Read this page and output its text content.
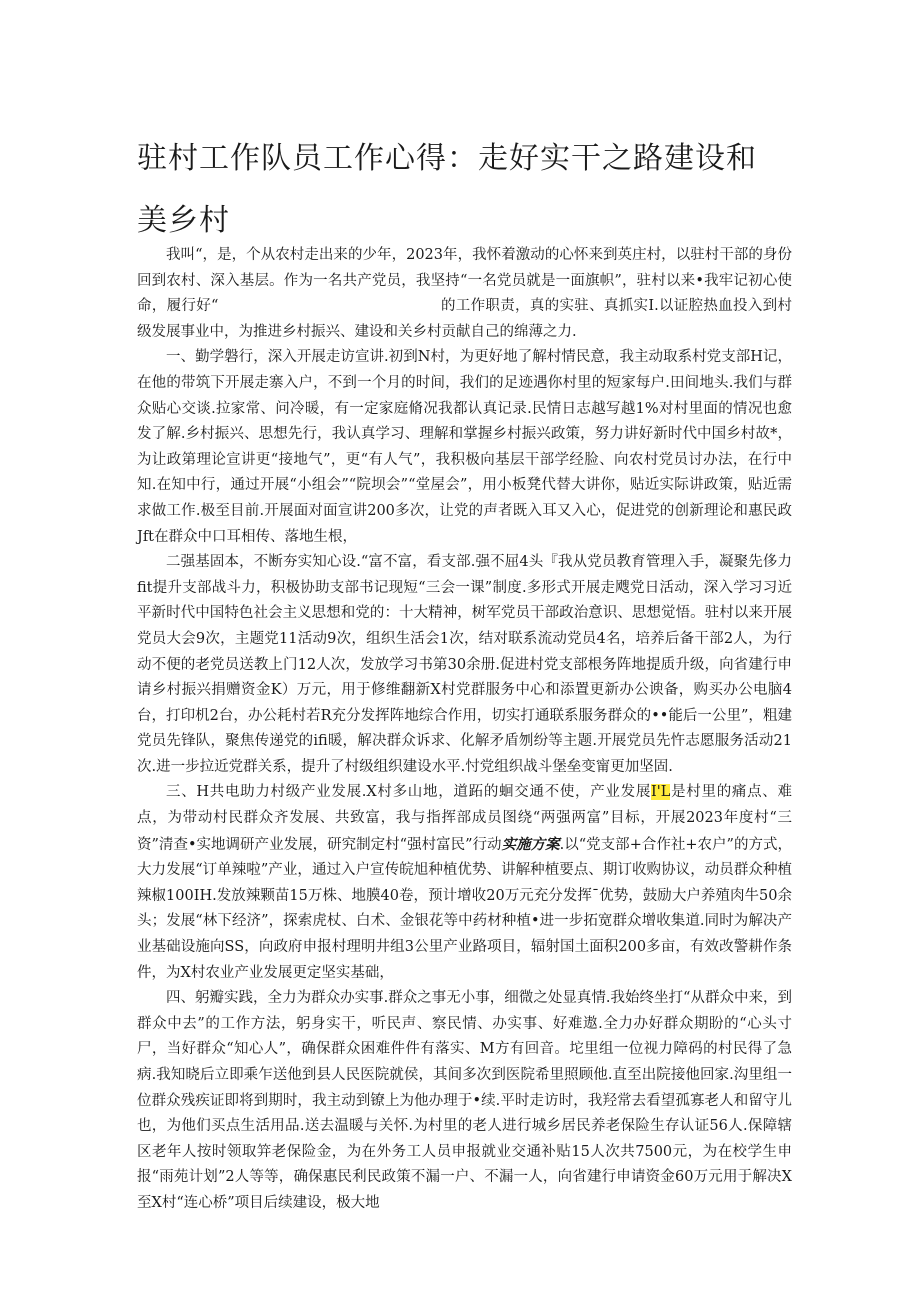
驻村工作队员工作心得：走好实干之路建设和美乡村

我叫“，是，个从农村走出来的少年，2023年，我怀着激动的心怀来到英庄村，以驻村干部的身份回到农村、深入基层。作为一名共产党员，我坚持“一名党员就是一面旗帜”，驻村以来•我牢记初心使命，履行好“　　　　　　　　　　　　　　　的工作职责，真的实驻、真抓实I.以证腔热血投入到村级发展事业中，为推进乡村振兴、建设和关乡村贡献自己的绵薄之力.

一、勤学磐行，深入开展走访宣讲.初到N村，为更好地了解村情民意，我主动取系村党支部H记，在他的带筑下开展走寨入户，不到一个月的时间，我们的足迹遇你村里的短家每户.田间地头.我们与群众贴心交谈.拉家常、问冷暖，有一定家庭脩况我都认真记录.民情日志越写越1%对村里面的情况也愈发了解.乡村振兴、思想先行，我认真学习、理解和掌握乡村振兴政策，努力讲好新时代中国乡村故*，为让政第理论宣讲更“接地气”，更“有人气”，我积极向基层干部学经脸、向农村党员讨办法，在行中知.在知中行，通过开展“小组会”“院坝会”“堂屋会”，用小板凳代替大讲你，贴近实际讲政策，贴近需求做工作.极至目前.开展面对面宣讲200多次，让党的声者既入耳又入心，促进党的创新理论和惠民政Jft在群众中口耳相传、落地生根，

二强基固本，不断夯实知心设.“富不富，看支部.强不屈4头『我从党员教育管理入手，凝聚先侈力fit提升支部战斗力，积极协助支部书记现短“三会一课”制度.多形式开展走飕党日活动，深入学习习近平新时代中国特色社会主义思想和党的：十大精神，树军党员干部政治意识、思想觉悟。驻村以来开展党员大会9次，主题党11活动9次，组织生活会1次，结对联系流动党员4名，培养后备干部2人，为行动不便的老党员送教上门12人次，发放学习书第30余册.促进村党支部根务阵地提质升级，向省建行申请乡村振兴捐赠资金K）万元，用于修维翻新X村党群服务中心和添置更新办公谀备，购买办公电脑4台，打印机2台，办公耗村若R充分发挥阵地综合作用，切实打通联系服务群众的••能后一公里”，粗建党员先锋队，聚焦传递党的ifi暖，解决群众诉求、化解矛盾刎纷等主题.开展党员先忤志愿服务活动21次.进一步拉近党群关系，提升了村级组织建设水平.忖党组织战斗堡垒变甯更加坚固.

三、H共电助力村级产业发展.X村多山地，道跖的蛔交通不使，产业发展I'L是村里的痛点、难点，为带动村民群众齐发展、共致富，我与指挥部成员图绕“两强两富”目标，开展2023年度村“三资”清查•实地调研产业发展，研究制定村“强村富民”行动实施方案.以“党支部+合作社+农户”的方式，大力发展“订单辣啦”产业，通过入户宣传皖旭种植优势、讲解种植要点、期订收购协议，动员群众种植辣椒100IH.发放辣颗苗15万株、地膜40卷，预计增收20万元充分发挥ˉ优势，鼓励大户养殖肉牛50余头；发展“林下经济”，探索虎杖、白术、金银花等中药材种植•进一步拓宽群众增收集道.同时为解决产业基础设施向SS，向政府申报村理明井组3公里产业路项目，辐射国土面积200多亩，有效改警耕作条件，为X村农业产业发展更定坚实基础，

四、躬瓣实践，全力为群众办实事.群众之事无小事，细微之处显真情.我始终坐打“从群众中来，到群众中去”的工作方法，躬身实干，听民声、察民情、办实事、好难遨.全力办好群众期盼的“心头寸尸，当好群众“知心人”，确保群众困难件件有落实、M方有回音。坨里组一位视力障码的村民得了急病.我知晓后立即乘乍送他到县人民医院就侯，其间多次到医院希里照顾他.直至出院接他回家.沟里组一位群众残疾证即将到期时，我主动到镣上为他办理于•续.平时走访时，我羟常去看望孤寡老人和留守儿也，为他们买点生活用品.送去温暖与关怀.为村里的老人进行城乡居民养老保险生存认证56人.保障辖区老年人按时领取笄老保险金，为在外务工人员申报就业交通补贴15人次共7500元，为在校学生申报“雨苑计划”2人等等，确保惠民利民政策不漏一户、不漏一人，向省建行申请资金60万元用于解决X至X村“连心桥”项目后续建设，极大地
